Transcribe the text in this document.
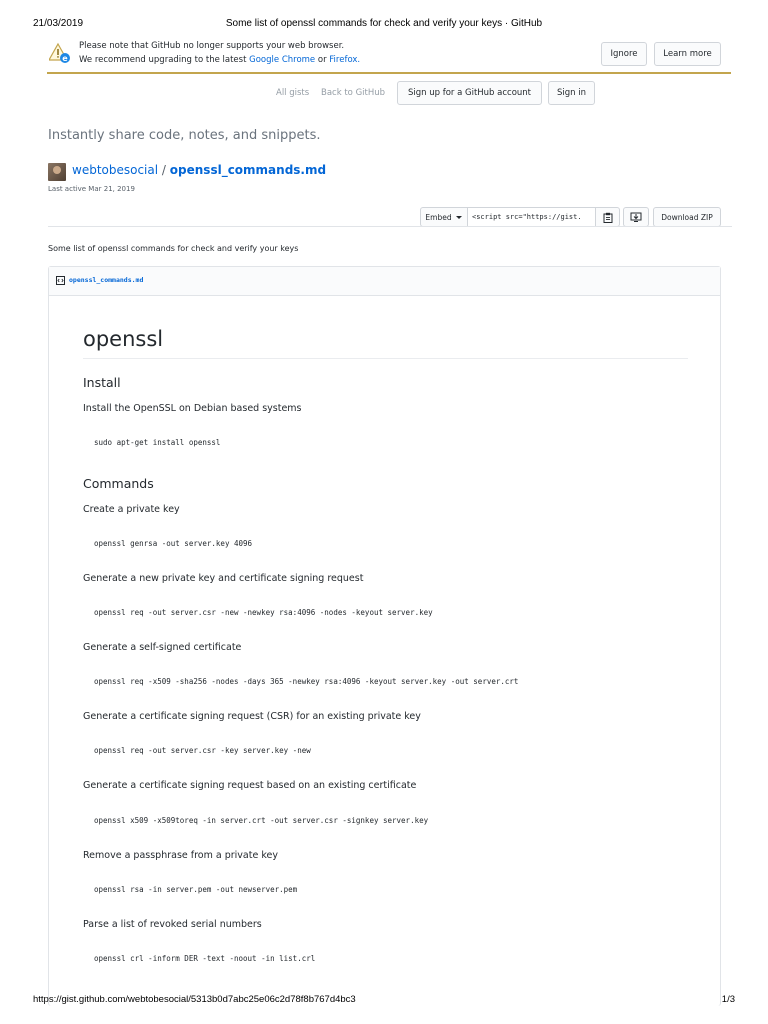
21/03/2019	Some list of openssl commands for check and verify your keys · GitHub
e
Please note that GitHub no longer supports your web browser.
We recommend upgrading to the latest Google Chrome or Firefox.
Ignore	Learn more
All gists Back to GitHub	Sign up for a GitHub account	Sign in
Instantly share code, notes, and snippets.
webtobesocial / openssl_commands.md
Last active Mar 21, 2019
Embed	<script src="https://gist.	Download ZIP
Some list of openssl commands for check and verify your keys
openssl_commands.md
openssl
Install
Install the OpenSSL on Debian based systems
sudo apt-get install openssl
Commands
Create a private key
openssl genrsa -out server.key 4096
Generate a new private key and certificate signing request
openssl req -out server.csr -new -newkey rsa:4096 -nodes -keyout server.key
Generate a self-signed certificate
openssl req -x509 -sha256 -nodes -days 365 -newkey rsa:4096 -keyout server.key -out server.crt
Generate a certificate signing request (CSR) for an existing private key
openssl req -out server.csr -key server.key -new
Generate a certificate signing request based on an existing certificate
openssl x509 -x509toreq -in server.crt -out server.csr -signkey server.key
Remove a passphrase from a private key
openssl rsa -in server.pem -out newserver.pem
Parse a list of revoked serial numbers
openssl crl -inform DER -text -noout -in list.crl
https://gist.github.com/webtobesocial/5313b0d7abc25e06c2d78f8b767d4bc3	1/3
